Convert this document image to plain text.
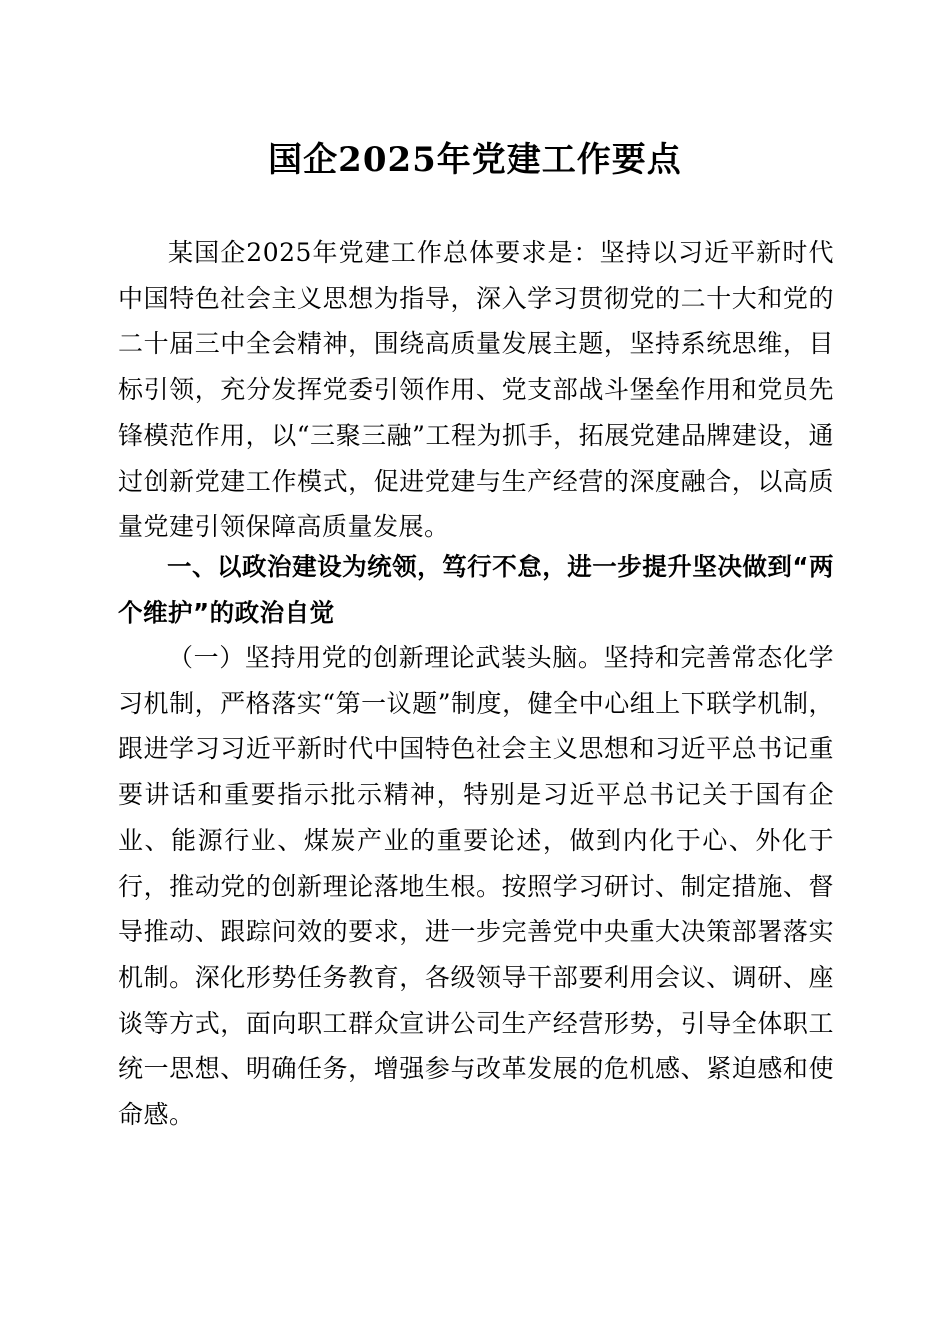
国企2025年党建工作要点

某国企2025年党建工作总体要求是：坚持以习近平新时代中国特色社会主义思想为指导，深入学习贯彻党的二十大和党的二十届三中全会精神，围绕高质量发展主题，坚持系统思维，目标引领，充分发挥党委引领作用、党支部战斗堡垒作用和党员先锋模范作用，以“三聚三融”工程为抓手，拓展党建品牌建设，通过创新党建工作模式，促进党建与生产经营的深度融合，以高质量党建引领保障高质量发展。

一、以政治建设为统领，笃行不怠，进一步提升坚决做到“两个维护”的政治自觉

（一）坚持用党的创新理论武装头脑。坚持和完善常态化学习机制，严格落实“第一议题”制度，健全中心组上下联学机制，跟进学习习近平新时代中国特色社会主义思想和习近平总书记重要讲话和重要指示批示精神，特别是习近平总书记关于国有企业、能源行业、煤炭产业的重要论述，做到内化于心、外化于行，推动党的创新理论落地生根。按照学习研讨、制定措施、督导推动、跟踪问效的要求，进一步完善党中央重大决策部署落实机制。深化形势任务教育，各级领导干部要利用会议、调研、座谈等方式，面向职工群众宣讲公司生产经营形势，引导全体职工统一思想、明确任务，增强参与改革发展的危机感、紧迫感和使命感。
